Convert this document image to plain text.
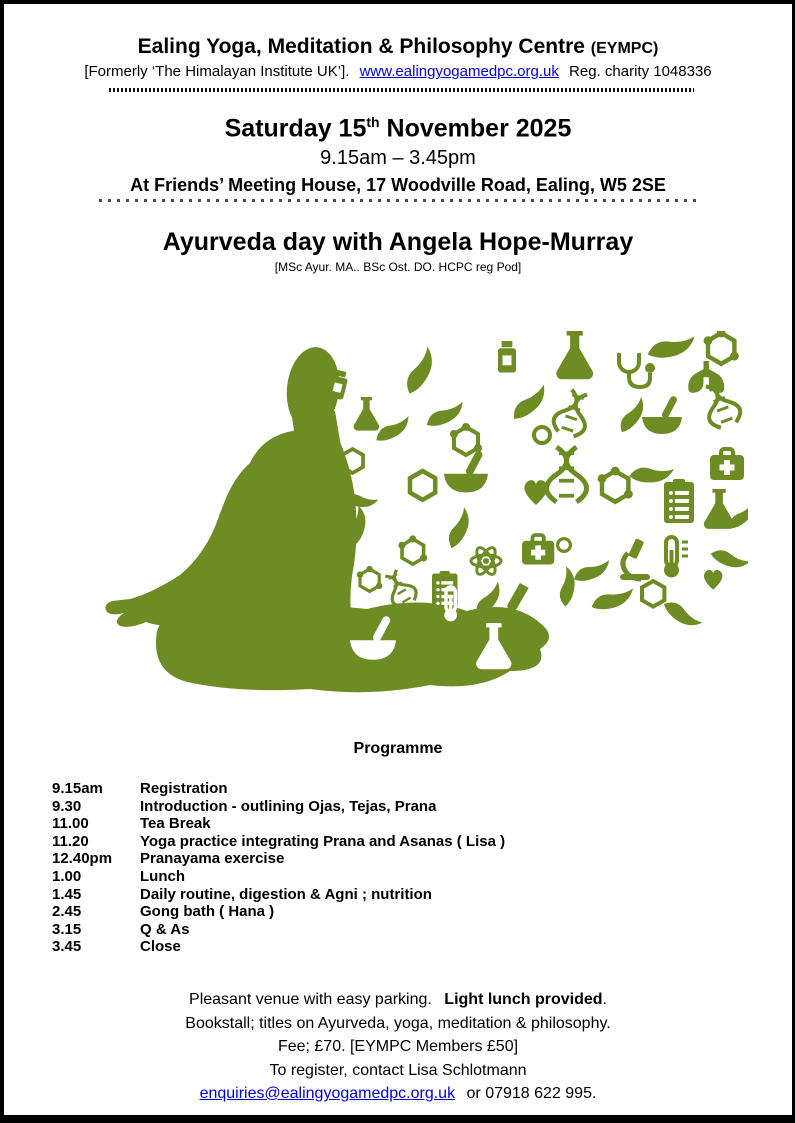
Ealing Yoga, Meditation & Philosophy Centre (EYMPC)
[Formerly ‘The Himalayan Institute UK’]. www.ealingyogamedpc.org.uk Reg. charity 1048336
Saturday 15th November 2025
9.15am – 3.45pm
At Friends’ Meeting House, 17 Woodville Road, Ealing, W5 2SE
Ayurveda day with Angela Hope-Murray
[MSc Ayur. MA.. BSc Ost. DO. HCPC reg Pod]
Programme
9.15am Registration
9.30	Introduction - outlining Ojas, Tejas, Prana
11.00	Tea Break
11.20	Yoga practice integrating Prana and Asanas ( Lisa )
12.40pm Pranayama exercise
1.00	Lunch
1.45	Daily routine, digestion & Agni ; nutrition
2.45	Gong bath ( Hana )
3.15	Q & As
3.45	Close
Pleasant venue with easy parking. Light lunch provided.
Bookstall; titles on Ayurveda, yoga, meditation & philosophy.
Fee; £70. [EYMPC Members £50]
To register, contact Lisa Schlotmann
enquiries@ealingyogamedpc.org.uk or 07918 622 995.
